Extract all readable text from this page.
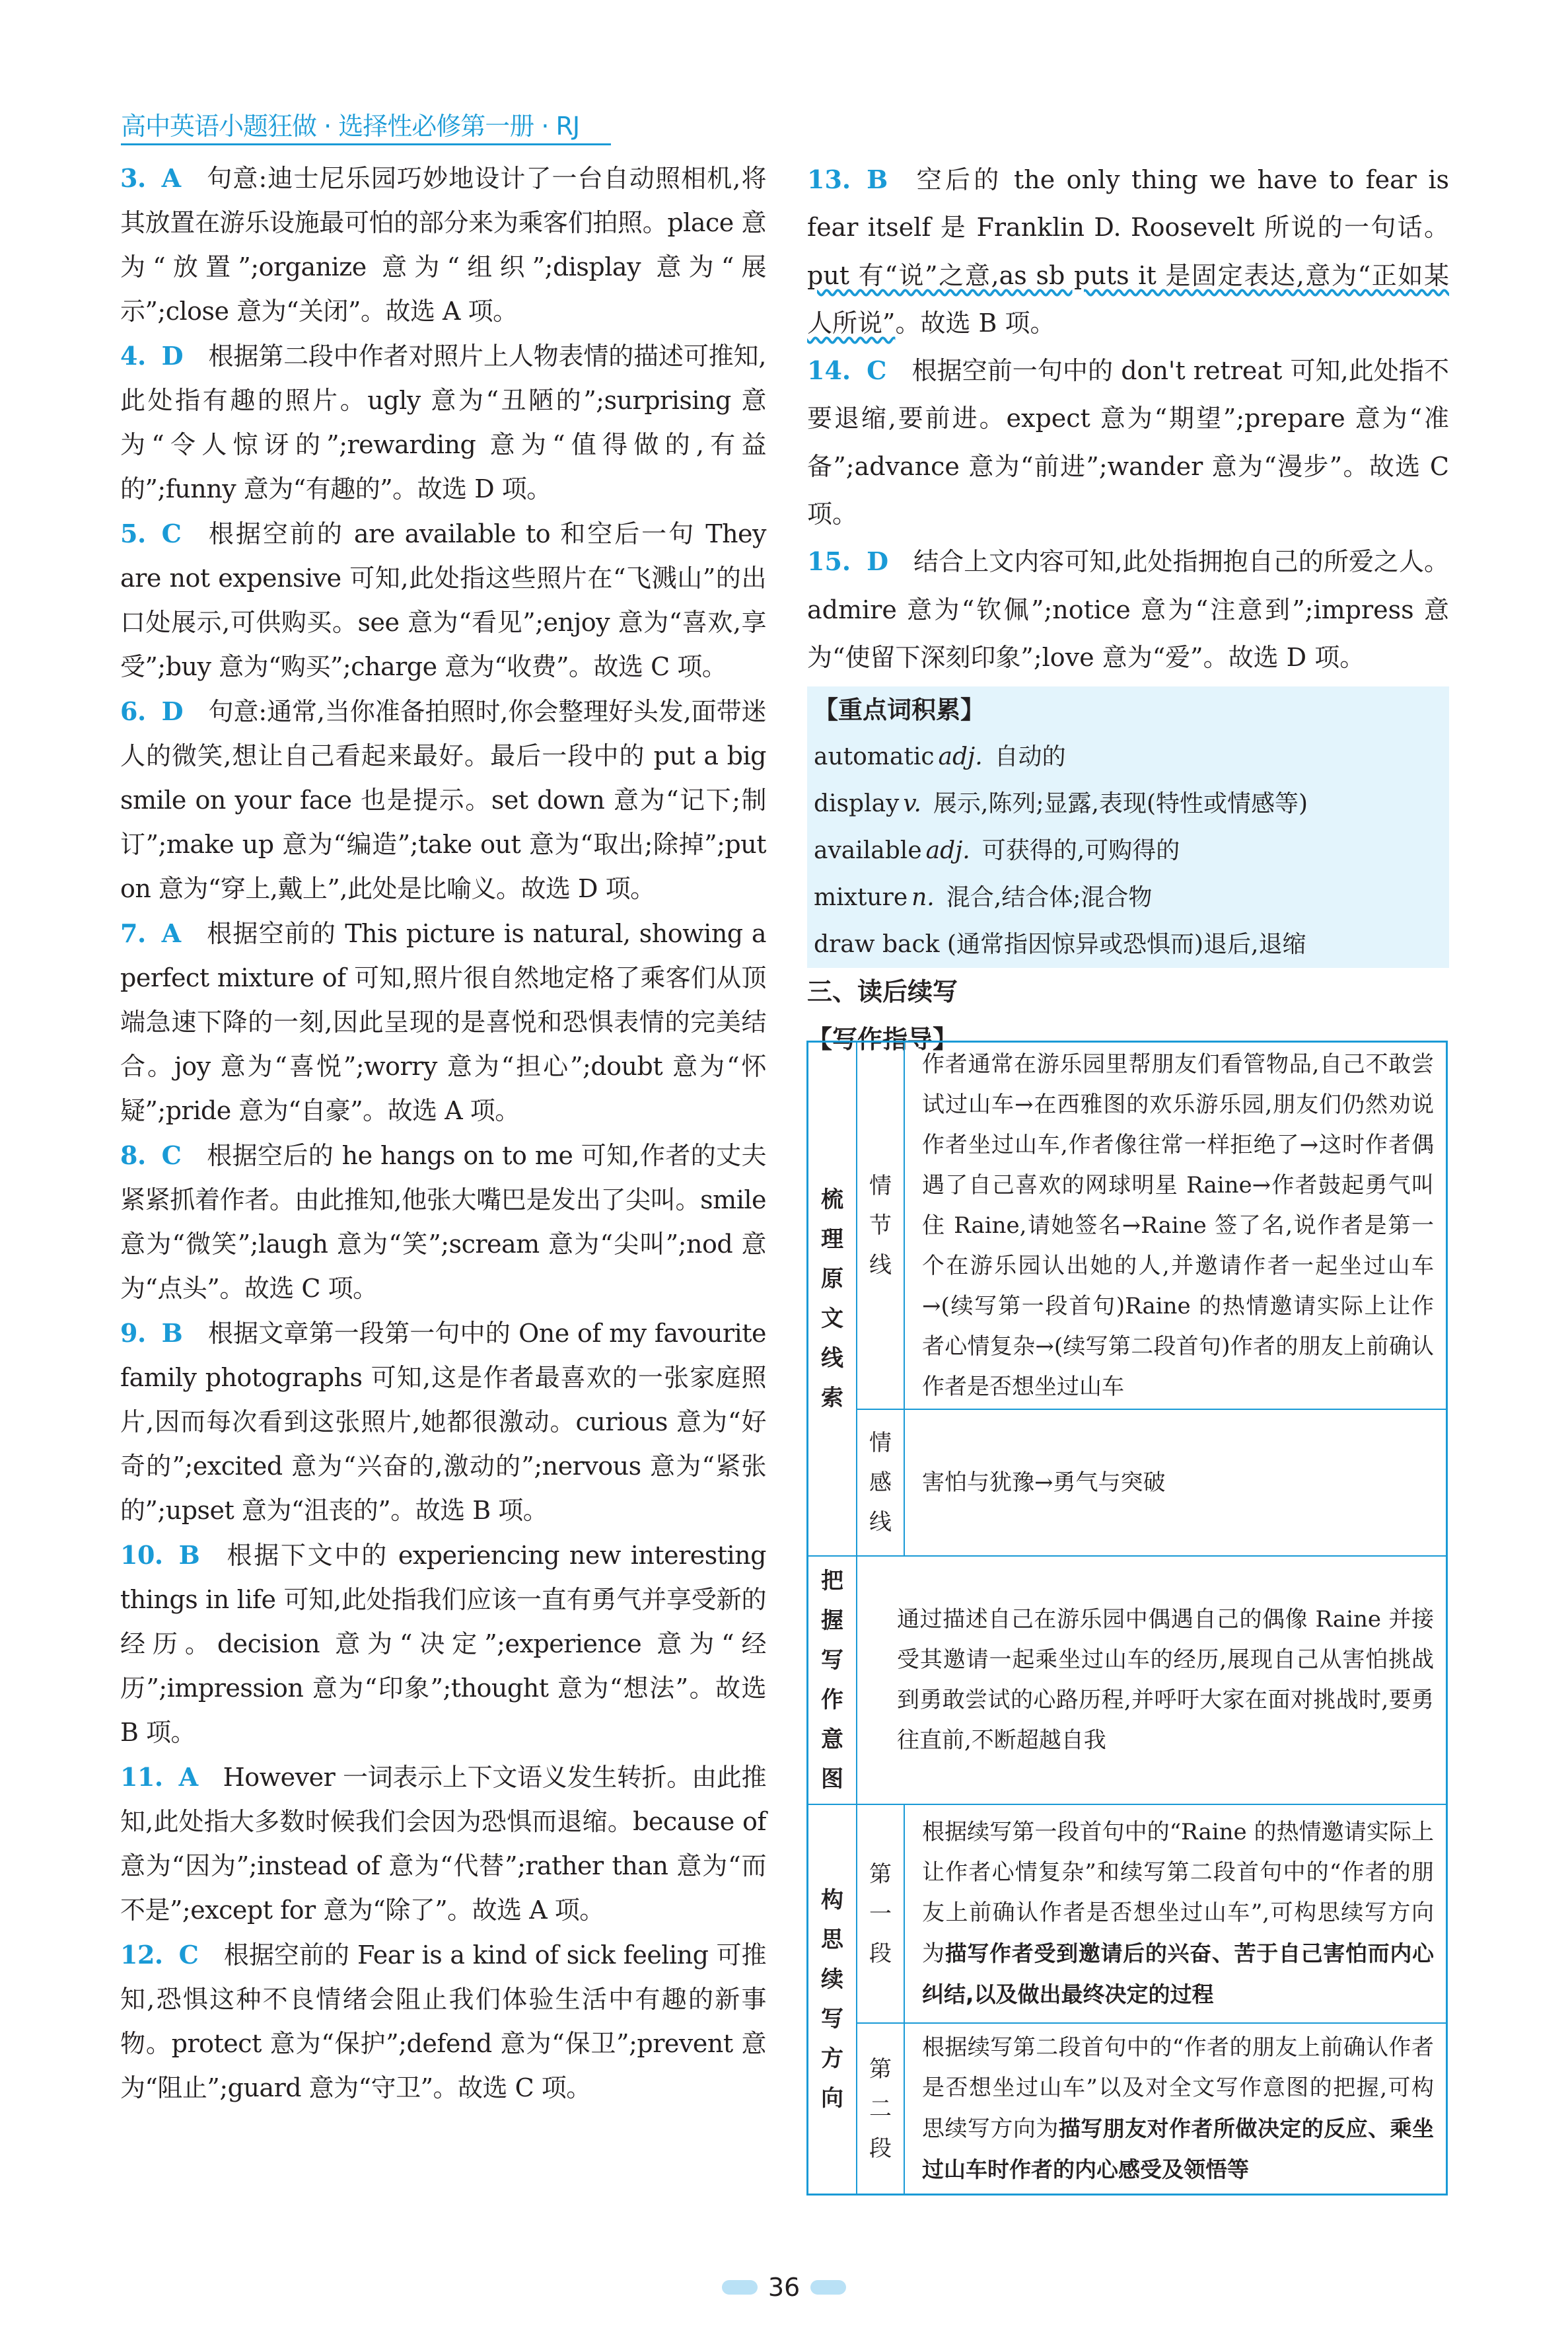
高中英语小题狂做 · 选择性必修第一册 · RJ

3. A 句意:迪士尼乐园巧妙地设计了一台自动照相机,将其放置在游乐设施最可怕的部分来为乘客们拍照。place 意为“放置”;organize 意为“组织”;display 意为“展示”;close 意为“关闭”。故选 A 项。

4. D 根据第二段中作者对照片上人物表情的描述可推知,此处指有趣的照片。ugly 意为“丑陋的”;surprising 意为“令人惊讶的”;rewarding 意为“值得做的,有益的”;funny 意为“有趣的”。故选 D 项。

5. C 根据空前的 are available to 和空后一句 They are not expensive 可知,此处指这些照片在“飞溅山”的出口处展示,可供购买。see 意为“看见”;enjoy 意为“喜欢,享受”;buy 意为“购买”;charge 意为“收费”。故选 C 项。

6. D 句意:通常,当你准备拍照时,你会整理好头发,面带迷人的微笑,想让自己看起来最好。最后一段中的 put a big smile on your face 也是提示。set down 意为“记下;制订”;make up 意为“编造”;take out 意为“取出;除掉”;put on 意为“穿上,戴上”,此处是比喻义。故选 D 项。

7. A 根据空前的 This picture is natural, showing a perfect mixture of 可知,照片很自然地定格了乘客们从顶端急速下降的一刻,因此呈现的是喜悦和恐惧表情的完美结合。joy 意为“喜悦”;worry 意为“担心”;doubt 意为“怀疑”;pride 意为“自豪”。故选 A 项。

8. C 根据空后的 he hangs on to me 可知,作者的丈夫紧紧抓着作者。由此推知,他张大嘴巴是发出了尖叫。smile 意为“微笑”;laugh 意为“笑”;scream 意为“尖叫”;nod 意为“点头”。故选 C 项。

9. B 根据文章第一段第一句中的 One of my favourite family photographs 可知,这是作者最喜欢的一张家庭照片,因而每次看到这张照片,她都很激动。curious 意为“好奇的”;excited 意为“兴奋的,激动的”;nervous 意为“紧张的”;upset 意为“沮丧的”。故选 B 项。

10. B 根据下文中的 experiencing new interesting things in life 可知,此处指我们应该一直有勇气并享受新的经历。decision 意为“决定”;experience 意为“经历”;impression 意为“印象”;thought 意为“想法”。故选 B 项。

11. A However 一词表示上下文语义发生转折。由此推知,此处指大多数时候我们会因为恐惧而退缩。because of 意为“因为”;instead of 意为“代替”;rather than 意为“而不是”;except for 意为“除了”。故选 A 项。

12. C 根据空前的 Fear is a kind of sick feeling 可推知,恐惧这种不良情绪会阻止我们体验生活中有趣的新事物。protect 意为“保护”;defend 意为“保卫”;prevent 意为“阻止”;guard 意为“守卫”。故选 C 项。

13. B 空后的 the only thing we have to fear is fear itself 是 Franklin D. Roosevelt 所说的一句话。put 有“说”之意,as sb puts it 是固定表达,意为“正如某人所说”。故选 B 项。

14. C 根据空前一句中的 don't retreat 可知,此处指不要退缩,要前进。expect 意为“期望”;prepare 意为“准备”;advance 意为“前进”;wander 意为“漫步”。故选 C 项。

15. D 结合上文内容可知,此处指拥抱自己的所爱之人。admire 意为“钦佩”;notice 意为“注意到”;impress 意为“使留下深刻印象”;love 意为“爱”。故选 D 项。

【重点词积累】
automatic adj. 自动的
display v. 展示,陈列;显露,表现(特性或情感等)
available adj. 可获得的,可购得的
mixture n. 混合,结合体;混合物
draw back (通常指因惊异或恐惧而)退后,退缩
三、读后续写
【写作指导】
梳
理
原
文
线
索
情
节
线
作者通常在游乐园里帮朋友们看管物品,自己不敢尝试过山车→在西雅图的欢乐游乐园,朋友们仍然劝说作者坐过山车,作者像往常一样拒绝了→这时作者偶遇了自己喜欢的网球明星 Raine→作者鼓起勇气叫住 Raine,请她签名→Raine 签了名,说作者是第一个在游乐园认出她的人,并邀请作者一起坐过山车→(续写第一段首句)Raine 的热情邀请实际上让作者心情复杂→(续写第二段首句)作者的朋友上前确认作者是否想坐过山车
情
感
线
害怕与犹豫→勇气与突破
把
握
写
作
意
图
通过描述自己在游乐园中偶遇自己的偶像 Raine 并接受其邀请一起乘坐过山车的经历,展现自己从害怕挑战到勇敢尝试的心路历程,并呼吁大家在面对挑战时,要勇往直前,不断超越自我
构
思
续
写
方
向
第
一
段
根据续写第一段首句中的“Raine 的热情邀请实际上让作者心情复杂”和续写第二段首句中的“作者的朋友上前确认作者是否想坐过山车”,可构思续写方向为描写作者受到邀请后的兴奋、苦于自己害怕而内心纠结,以及做出最终决定的过程
第
二
段
根据续写第二段首句中的“作者的朋友上前确认作者是否想坐过山车”以及对全文写作意图的把握,可构思续写方向为描写朋友对作者所做决定的反应、乘坐过山车时作者的内心感受及领悟等
36
